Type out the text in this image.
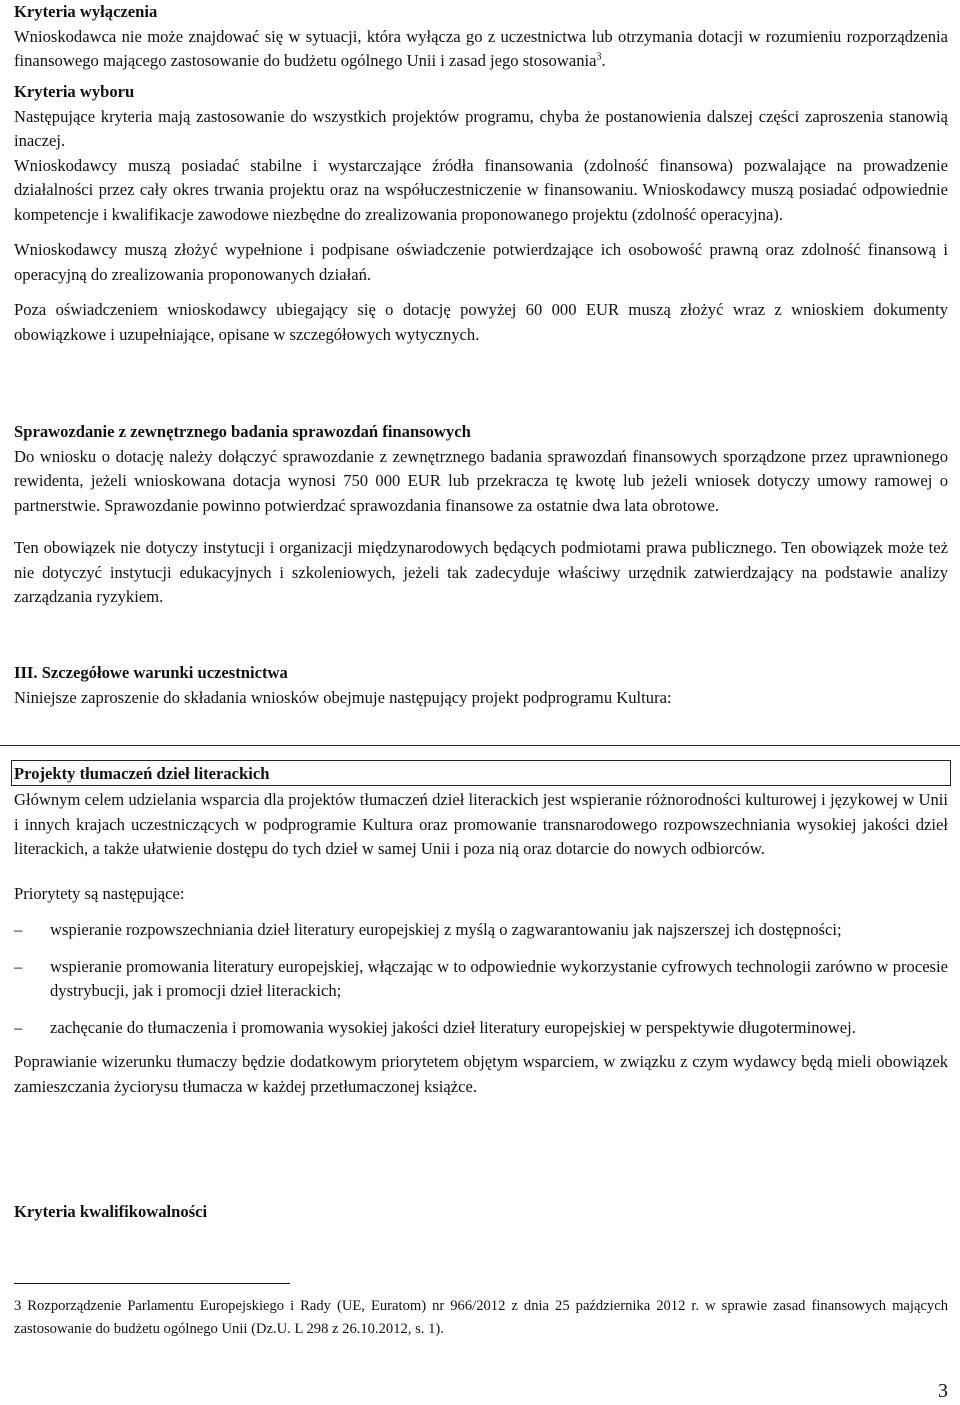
Kryteria wyłączenia

Wnioskodawca nie może znajdować się w sytuacji, która wyłącza go z uczestnictwa lub otrzymania dotacji w rozumieniu rozporządzenia finansowego mającego zastosowanie do budżetu ogólnego Unii i zasad jego stosowania$^3$.

Kryteria wyboru

Następujące kryteria mają zastosowanie do wszystkich projektów programu, chyba że postanowienia dalszej części zaproszenia stanowią inaczej.

Wnioskodawcy muszą posiadać stabilne i wystarczające źródła finansowania (zdolność finansowa) pozwalające na prowadzenie działalności przez cały okres trwania projektu oraz na współuczestniczenie w finansowaniu. Wnioskodawcy muszą posiadać odpowiednie kompetencje i kwalifikacje zawodowe niezbędne do zrealizowania proponowanego projektu (zdolność operacyjna).

Wnioskodawcy muszą złożyć wypełnione i podpisane oświadczenie potwierdzające ich osobowość prawną oraz zdolność finansową i operacyjną do zrealizowania proponowanych działań.

Poza oświadczeniem wnioskodawcy ubiegający się o dotację powyżej 60 000 EUR muszą złożyć wraz z wnioskiem dokumenty obowiązkowe i uzupełniające, opisane w szczegółowych wytycznych.

Sprawozdanie z zewnętrznego badania sprawozdań finansowych

Do wniosku o dotację należy dołączyć sprawozdanie z zewnętrznego badania sprawozdań finansowych sporządzone przez uprawnionego rewidenta, jeżeli wnioskowana dotacja wynosi 750 000 EUR lub przekracza tę kwotę lub jeżeli wniosek dotyczy umowy ramowej o partnerstwie. Sprawozdanie powinno potwierdzać sprawozdania finansowe za ostatnie dwa lata obrotowe.

Ten obowiązek nie dotyczy instytucji i organizacji międzynarodowych będących podmiotami prawa publicznego. Ten obowiązek może też nie dotyczyć instytucji edukacyjnych i szkoleniowych, jeżeli tak zadecyduje właściwy urzędnik zatwierdzający na podstawie analizy zarządzania ryzykiem.

III. Szczegółowe warunki uczestnictwa

Niniejsze zaproszenie do składania wniosków obejmuje następujący projekt podprogramu Kultura:

Projekty tłumaczeń dzieł literackich

Głównym celem udzielania wsparcia dla projektów tłumaczeń dzieł literackich jest wspieranie różnorodności kulturowej i językowej w Unii i innych krajach uczestniczących w podprogramie Kultura oraz promowanie transnarodowego rozpowszechniania wysokiej jakości dzieł literackich, a także ułatwienie dostępu do tych dzieł w samej Unii i poza nią oraz dotarcie do nowych odbiorców.

Priorytety są następujące:

–	wspieranie rozpowszechniania dzieł literatury europejskiej z myślą o zagwarantowaniu jak najszerszej ich dostępności;
–	wspieranie promowania literatury europejskiej, włączając w to odpowiednie wykorzystanie cyfrowych technologii zarówno w procesie dystrybucji, jak i promocji dzieł literackich;
–	zachęcanie do tłumaczenia i promowania wysokiej jakości dzieł literatury europejskiej w perspektywie długoterminowej.

Poprawianie wizerunku tłumaczy będzie dodatkowym priorytetem objętym wsparciem, w związku z czym wydawcy będą mieli obowiązek zamieszczania życiorysu tłumacza w każdej przetłumaczonej książce.

Kryteria kwalifikowalności

3 Rozporządzenie Parlamentu Europejskiego i Rady (UE, Euratom) nr 966/2012 z dnia 25 października 2012 r. w sprawie zasad finansowych mających zastosowanie do budżetu ogólnego Unii (Dz.U. L 298 z 26.10.2012, s. 1).

3
